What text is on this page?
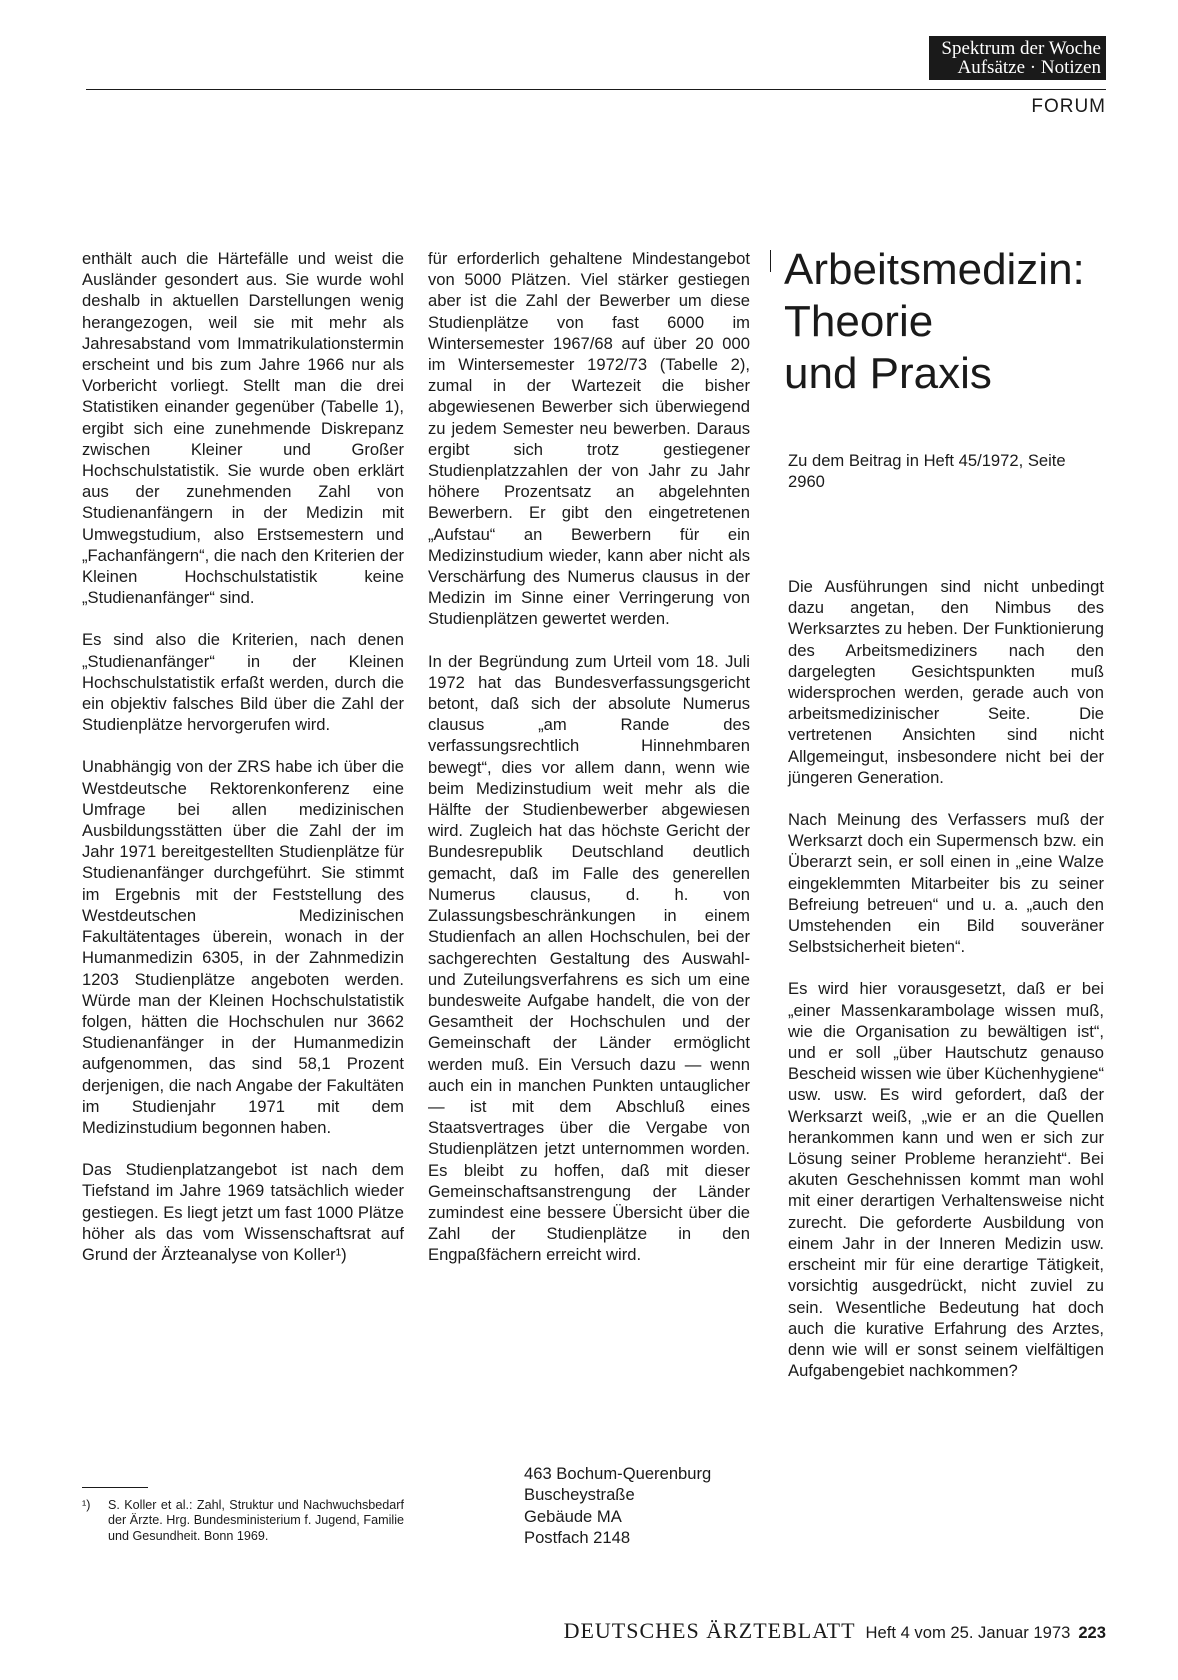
Spektrum der Woche
Aufsätze · Notizen
FORUM

enthält auch die Härtefälle und weist die Ausländer gesondert aus. Sie wurde wohl deshalb in aktuellen Darstellungen wenig herangezogen, weil sie mit mehr als Jahresabstand vom Immatrikulationstermin erscheint und bis zum Jahre 1966 nur als Vorbericht vorliegt. Stellt man die drei Statistiken einander gegenüber (Tabelle 1), ergibt sich eine zunehmende Diskrepanz zwischen Kleiner und Großer Hochschulstatistik. Sie wurde oben erklärt aus der zunehmenden Zahl von Studienanfängern in der Medizin mit Umwegstudium, also Erstsemestern und „Fachanfängern“, die nach den Kriterien der Kleinen Hochschulstatistik keine „Studienanfänger“ sind.

Es sind also die Kriterien, nach denen „Studienanfänger“ in der Kleinen Hochschulstatistik erfaßt werden, durch die ein objektiv falsches Bild über die Zahl der Studienplätze hervorgerufen wird.

Unabhängig von der ZRS habe ich über die Westdeutsche Rektorenkonferenz eine Umfrage bei allen medizinischen Ausbildungsstätten über die Zahl der im Jahr 1971 bereitgestellten Studienplätze für Studienanfänger durchgeführt. Sie stimmt im Ergebnis mit der Feststellung des Westdeutschen Medizinischen Fakultätentages überein, wonach in der Humanmedizin 6305, in der Zahnmedizin 1203 Studienplätze angeboten werden. Würde man der Kleinen Hochschulstatistik folgen, hätten die Hochschulen nur 3662 Studienanfänger in der Humanmedizin aufgenommen, das sind 58,1 Prozent derjenigen, die nach Angabe der Fakultäten im Studienjahr 1971 mit dem Medizinstudium begonnen haben.

Das Studienplatzangebot ist nach dem Tiefstand im Jahre 1969 tatsächlich wieder gestiegen. Es liegt jetzt um fast 1000 Plätze höher als das vom Wissenschaftsrat auf Grund der Ärzteanalyse von Koller¹)

für erforderlich gehaltene Mindestangebot von 5000 Plätzen. Viel stärker gestiegen aber ist die Zahl der Bewerber um diese Studienplätze von fast 6000 im Wintersemester 1967/68 auf über 20 000 im Wintersemester 1972/73 (Tabelle 2), zumal in der Wartezeit die bisher abgewiesenen Bewerber sich überwiegend zu jedem Semester neu bewerben. Daraus ergibt sich trotz gestiegener Studienplatzzahlen der von Jahr zu Jahr höhere Prozentsatz an abgelehnten Bewerbern. Er gibt den eingetretenen „Aufstau“ an Bewerbern für ein Medizinstudium wieder, kann aber nicht als Verschärfung des Numerus clausus in der Medizin im Sinne einer Verringerung von Studienplätzen gewertet werden.

In der Begründung zum Urteil vom 18. Juli 1972 hat das Bundesverfassungsgericht betont, daß sich der absolute Numerus clausus „am Rande des verfassungsrechtlich Hinnehmbaren bewegt“, dies vor allem dann, wenn wie beim Medizinstudium weit mehr als die Hälfte der Studienbewerber abgewiesen wird. Zugleich hat das höchste Gericht der Bundesrepublik Deutschland deutlich gemacht, daß im Falle des generellen Numerus clausus, d. h. von Zulassungsbeschränkungen in einem Studienfach an allen Hochschulen, bei der sachgerechten Gestaltung des Auswahl- und Zuteilungsverfahrens es sich um eine bundesweite Aufgabe handelt, die von der Gesamtheit der Hochschulen und der Gemeinschaft der Länder ermöglicht werden muß. Ein Versuch dazu — wenn auch ein in manchen Punkten untauglicher — ist mit dem Abschluß eines Staatsvertrages über die Vergabe von Studienplätzen jetzt unternommen worden. Es bleibt zu hoffen, daß mit dieser Gemeinschaftsanstrengung der Länder zumindest eine bessere Übersicht über die Zahl der Studienplätze in den Engpaßfächern erreicht wird.

Arbeitsmedizin:
Theorie
und Praxis
Zu dem Beitrag in Heft 45/1972, Seite 2960

Die Ausführungen sind nicht unbedingt dazu angetan, den Nimbus des Werksarztes zu heben. Der Funktionierung des Arbeitsmediziners nach den dargelegten Gesichtspunkten muß widersprochen werden, gerade auch von arbeitsmedizinischer Seite. Die vertretenen Ansichten sind nicht Allgemeingut, insbesondere nicht bei der jüngeren Generation.

Nach Meinung des Verfassers muß der Werksarzt doch ein Supermensch bzw. ein Überarzt sein, er soll einen in „eine Walze eingeklemmten Mitarbeiter bis zu seiner Befreiung betreuen“ und u. a. „auch den Umstehenden ein Bild souveräner Selbstsicherheit bieten“.

Es wird hier vorausgesetzt, daß er bei „einer Massenkarambolage wissen muß, wie die Organisation zu bewältigen ist“, und er soll „über Hautschutz genauso Bescheid wissen wie über Küchenhygiene“ usw. usw. Es wird gefordert, daß der Werksarzt weiß, „wie er an die Quellen herankommen kann und wen er sich zur Lösung seiner Probleme heranzieht“. Bei akuten Geschehnissen kommt man wohl mit einer derartigen Verhaltensweise nicht zurecht. Die geforderte Ausbildung von einem Jahr in der Inneren Medizin usw. erscheint mir für eine derartige Tätigkeit, vorsichtig ausgedrückt, nicht zuviel zu sein. Wesentliche Bedeutung hat doch auch die kurative Erfahrung des Arztes, denn wie will er sonst seinem vielfältigen Aufgabengebiet nachkommen?

¹)	S. Koller et al.: Zahl, Struktur und Nachwuchsbedarf der Ärzte. Hrg. Bundesministerium f. Jugend, Familie und Gesundheit. Bonn 1969.
463 Bochum-Querenburg
Buscheystraße
Gebäude MA
Postfach 2148
DEUTSCHES ÄRZTEBLATT Heft 4 vom 25. Januar 1973 223
